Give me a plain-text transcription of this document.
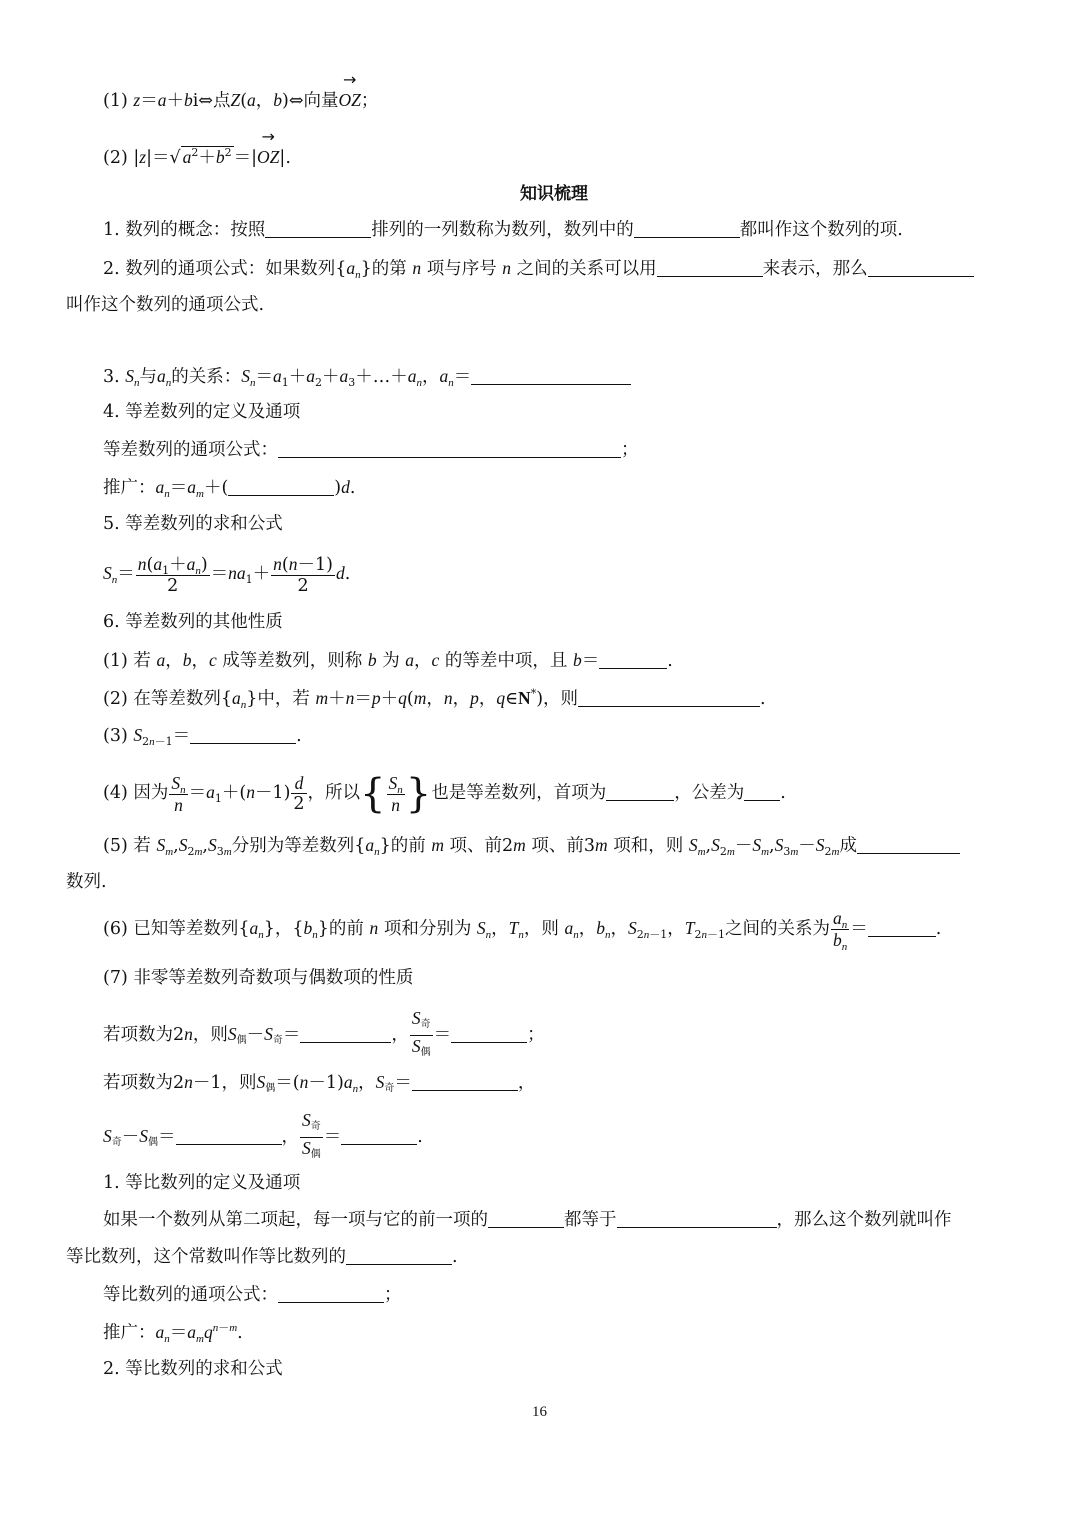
(1) z＝a＋bi⇔点Z(a，b)⇔向量OZ
→
；
(2) |z|＝√ $a^2+b^2 =|OZ$
→
|.
知识梳理
1. 数列的概念：按照	排列的一列数称为数列，数列中的	都叫作这个数列的项.
2. 数列的通项公式：如果数列$\{a_n\}$的第 n 项与序号 n 之间的关系可以用	来表示，那么
叫作这个数列的通项公式.
3. $S_n$与$a_n$的关系：$S_n=a_1+a_2+a_3+\dots+a_n$，$a_n=$
4. 等差数列的定义及通项
等差数列的通项公式：	；
推广：$a_n=a_m+$(	)d.
5. 等差数列的求和公式
$S_n= \frac{n(a_1+a_n)}{2} =na_1+ \frac{n(n-1)}{2} d$.
6. 等差数列的其他性质
(1) 若 a，b，c 成等差数列，则称 b 为 a，c 的等差中项，且 b＝	.
(2) 在等差数列$\{a_n\}$中，若 m＋n＝p＋q(m，n，p，q∈N*)，则	.
(3) $S_{2n-1}=$	.
(4) 因为 $\frac{S_n}{n} =a_1+(n-1) \frac{d}{2}$ ，所以{ $\frac{S_n}{n}$ }也是等差数列，首项为	，公差为 .
(5) 若 $S_m,S_{2m},S_{3m}$分别为等差数列$\{a_n\}$的前 m 项、前2m 项、前3m 项和，则 $S_m,S_{2m}-S_m,S_{3m}-S_{2m}$成
数列.
(6) 已知等差数列$\{a_n\}$，$\{b_n\}$的前 n 项和分别为 $S_n$，$T_n$，则 $a_n$，$b_n$，$S_{2n-1}$，$T_{2n-1}$之间的关系为 $\frac{a_n}{b_n}$ ＝	.
(7) 非零等差数列奇数项与偶数项的性质
若项数为2n，则S偶－S奇＝	， $\frac{\text{S奇}}{\text{S偶}}$ ＝	；
若项数为2n－1，则S偶$=(n-1)a_n$，S奇＝	，
S奇－S偶＝	， $\frac{\text{S奇}}{\text{S偶}}$ ＝	.
1. 等比数列的定义及通项
如果一个数列从第二项起，每一项与它的前一项的	都等于	，那么这个数列就叫作
等比数列，这个常数叫作等比数列的	.
等比数列的通项公式：	；
推广：$a_n=a_mq^{n-m}$.
2. 等比数列的求和公式
16
